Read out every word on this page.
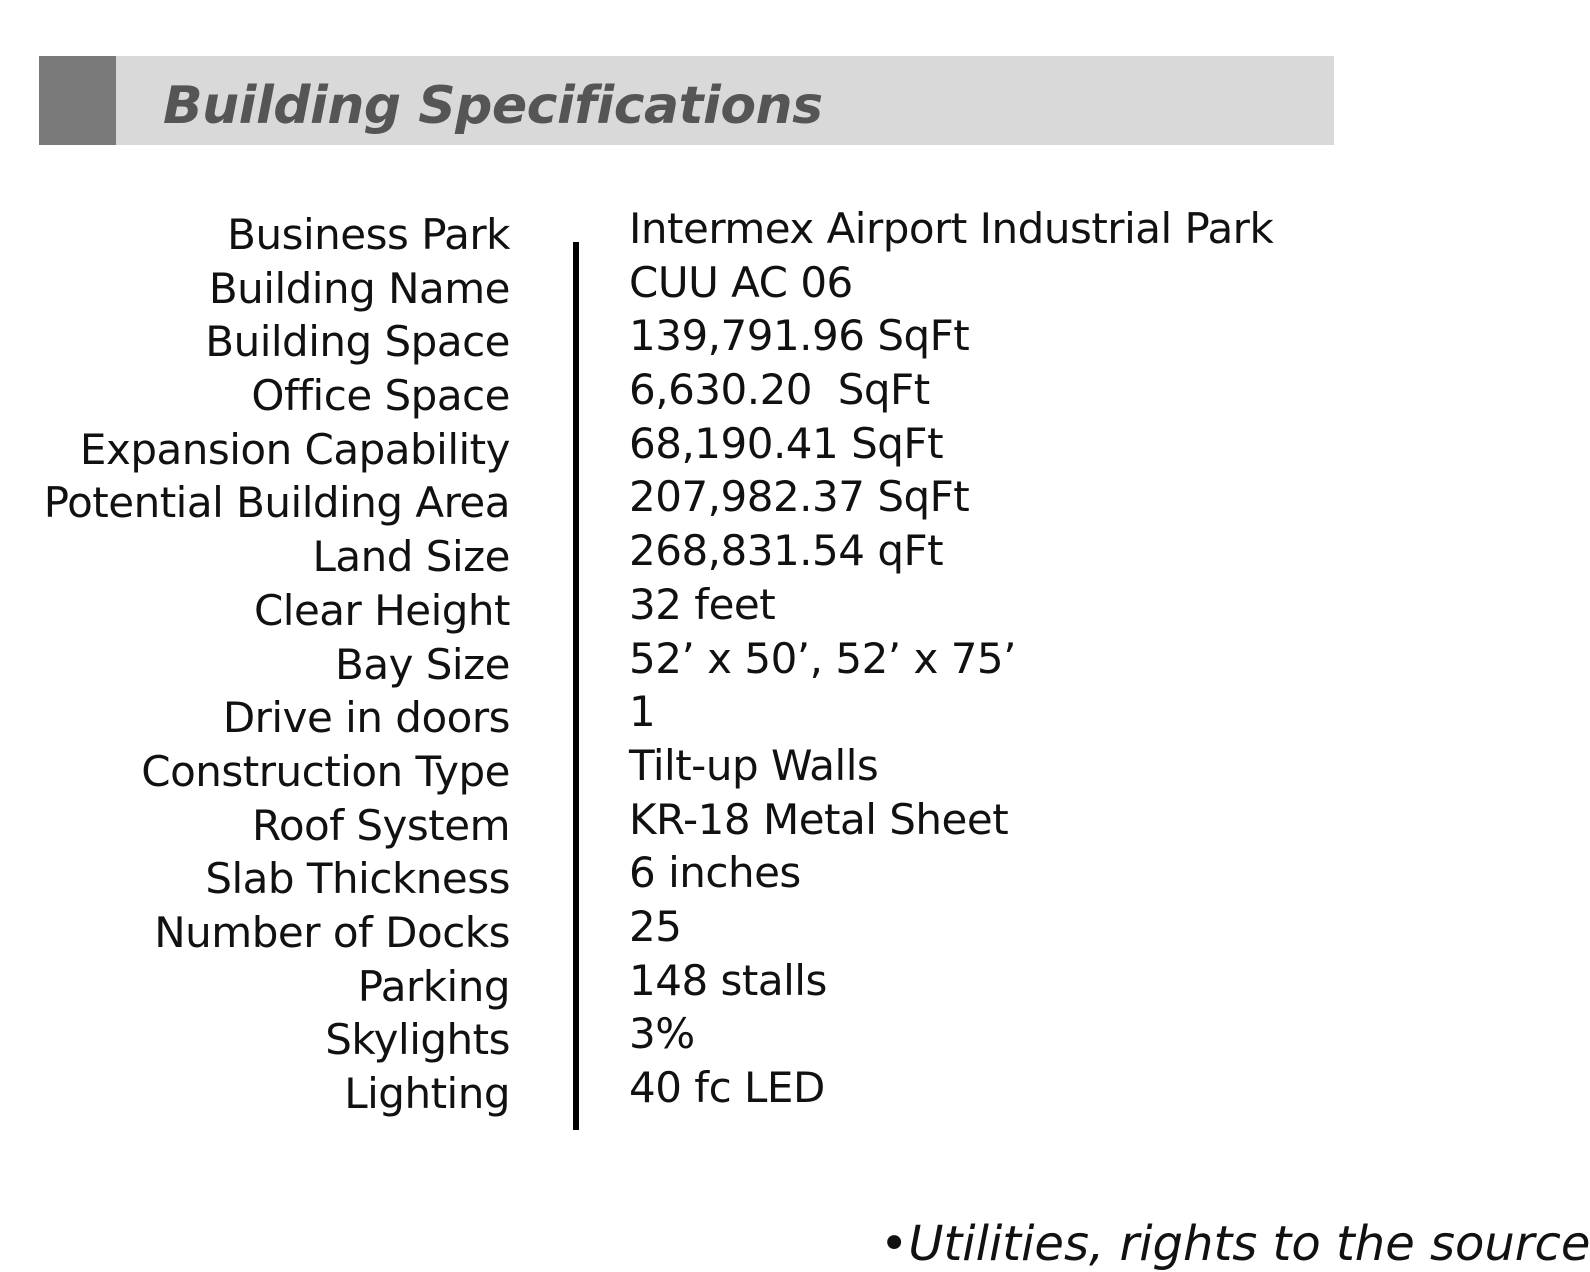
Building Specifications
Business Park	Intermex Airport Industrial Park
Building Name	CUU AC 06
Building Space	139,791.96 SqFt
Office Space	6,630.20  SqFt
Expansion Capability	68,190.41 SqFt
Potential Building Area	207,982.37 SqFt
Land Size	268,831.54 qFt
Clear Height	32 feet
Bay Size	52’ x 50’, 52’ x 75’
Drive in doors	1
Construction Type	Tilt-up Walls
Roof System	KR-18 Metal Sheet
Slab Thickness	6 inches
Number of Docks	25
Parking	148 stalls
Skylights	3%
Lighting	40 fc LED
•Utilities, rights to the source
